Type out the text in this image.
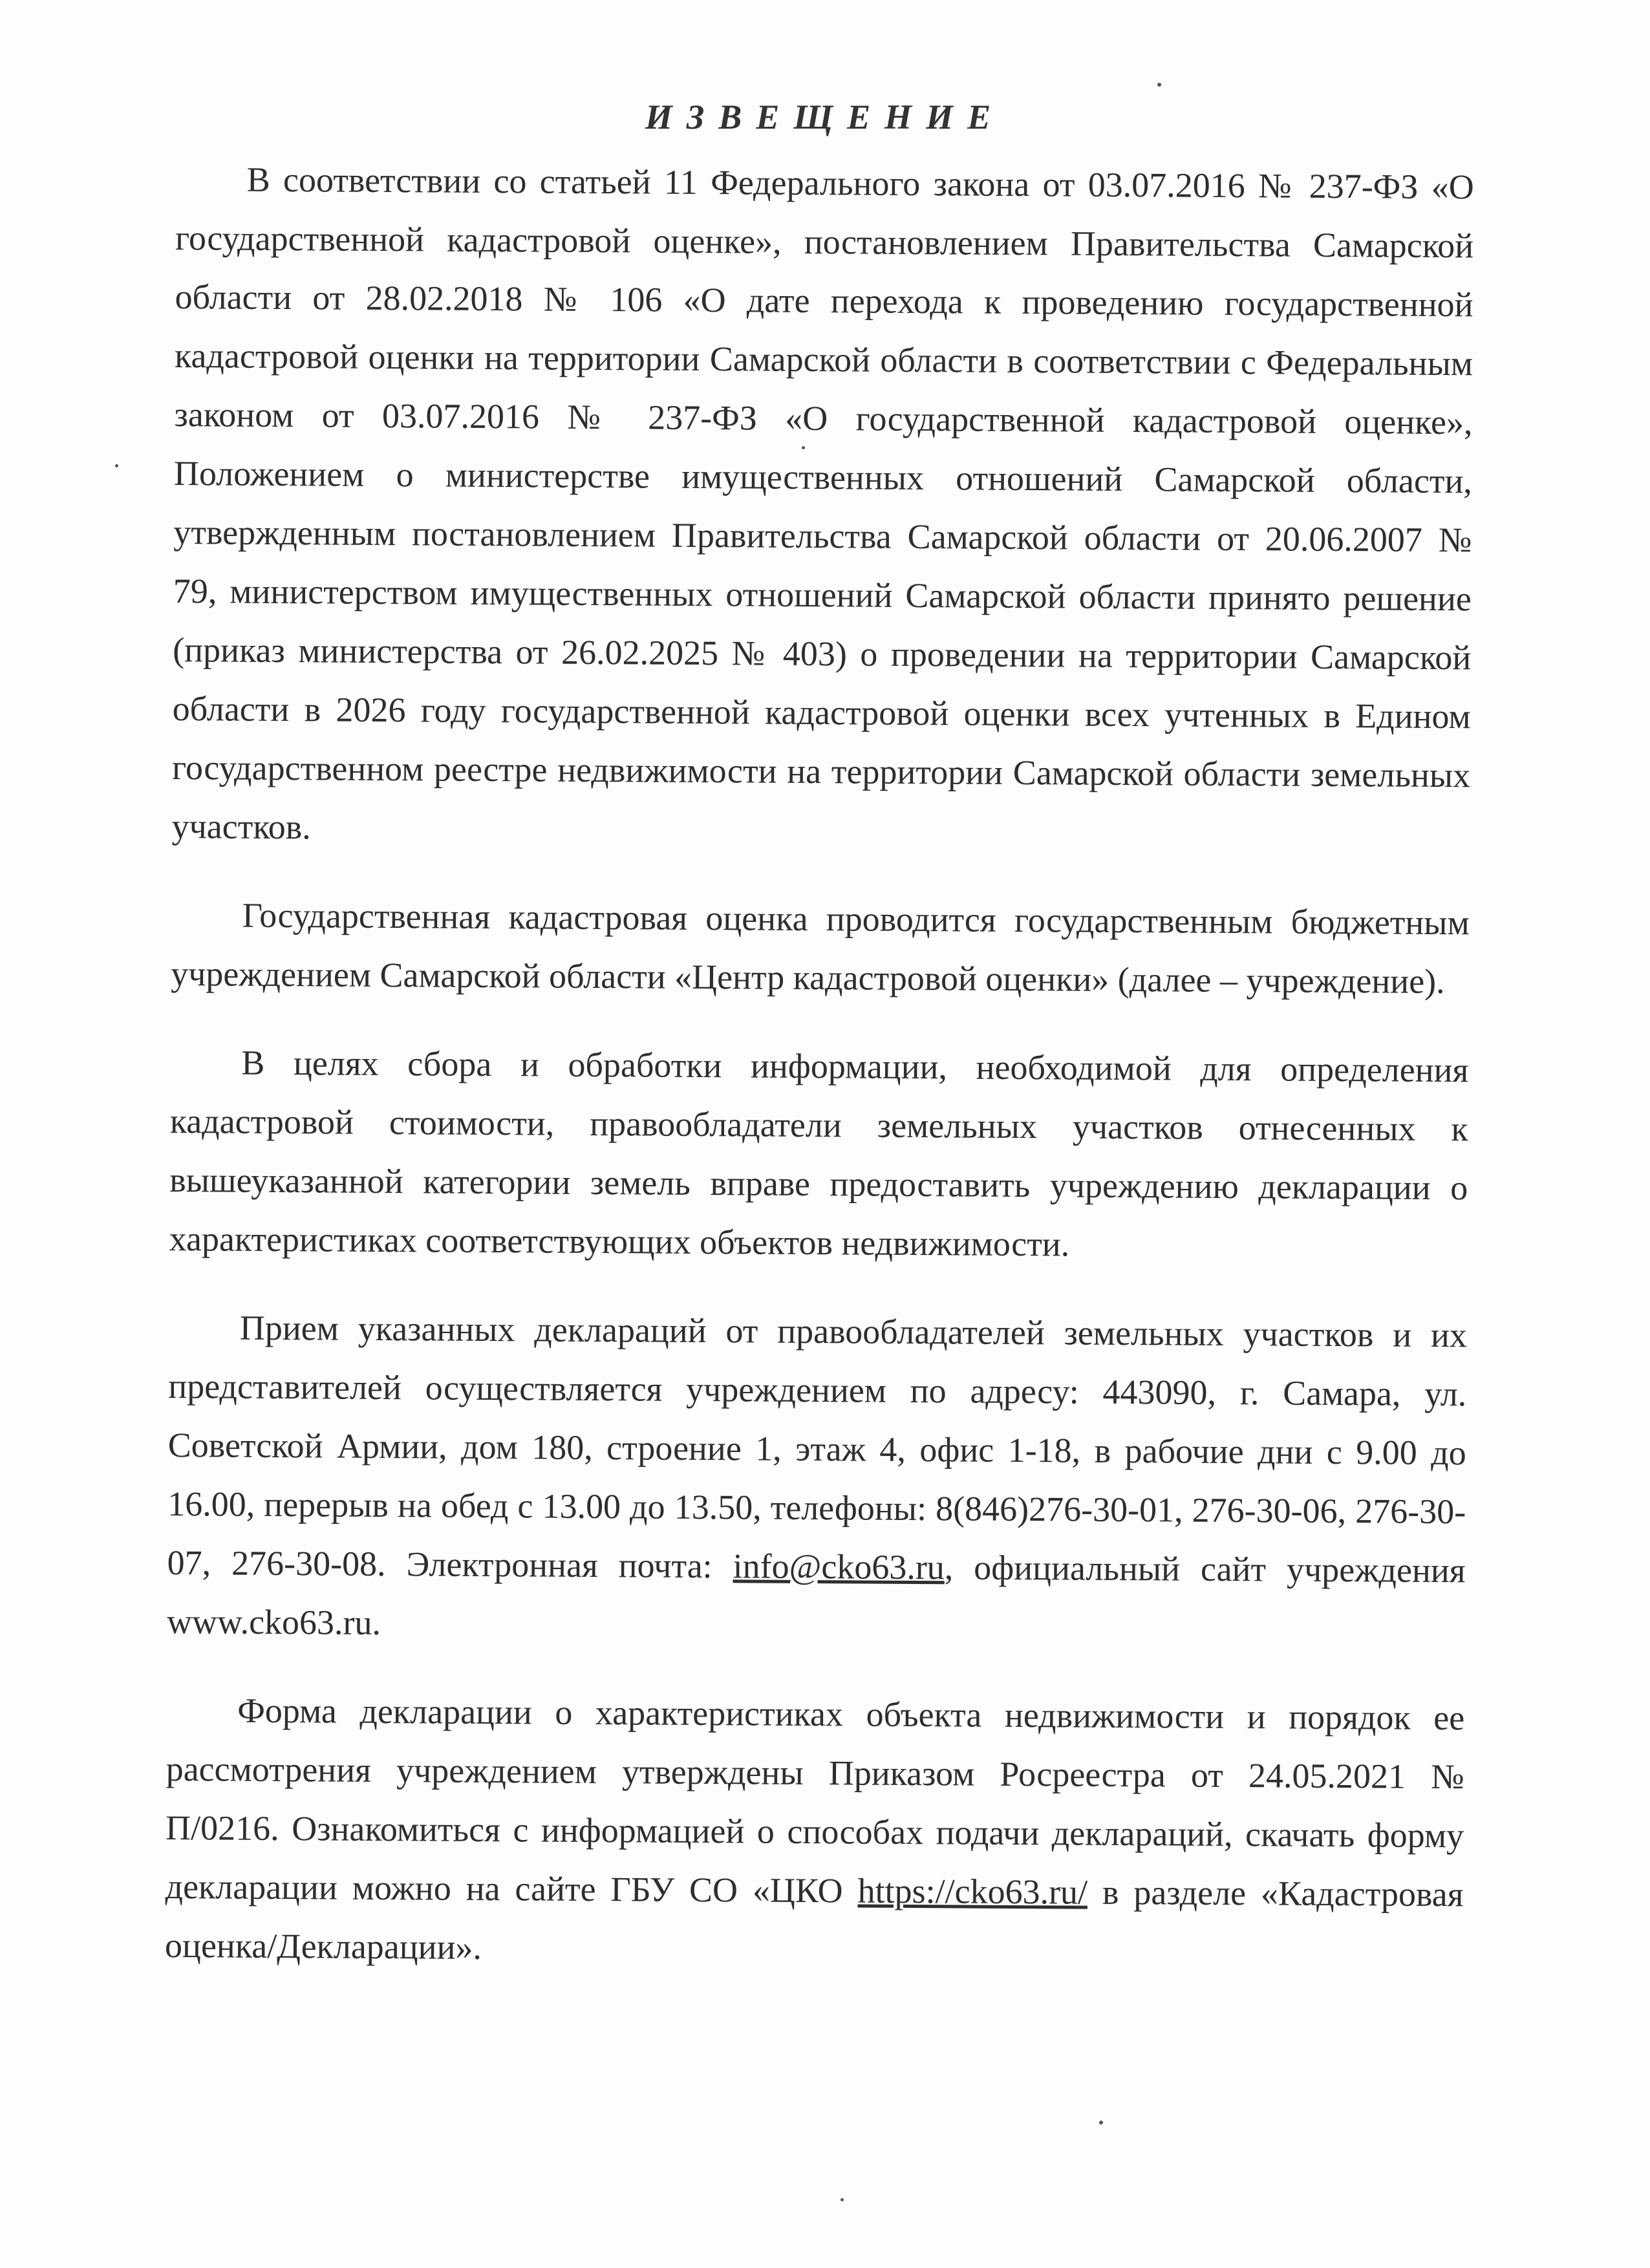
ИЗВЕЩЕНИЕ

В соответствии со статьей 11 Федерального закона от 03.07.2016 № 237-ФЗ «О государственной кадастровой оценке», постановлением Правительства Самарской области от 28.02.2018 № 106 «О дате перехода к проведению государственной кадастровой оценки на территории Самарской области в соответствии с Федеральным законом от 03.07.2016 № 237-ФЗ «О государственной кадастровой оценке», Положением о министерстве имущественных отношений Самарской области, утвержденным постановлением Правительства Самарской области от 20.06.2007 № 79, министерством имущественных отношений Самарской области принято решение (приказ министерства от 26.02.2025 № 403) о проведении на территории Самарской области в 2026 году государственной кадастровой оценки всех учтенных в Едином государственном реестре недвижимости на территории Самарской области земельных участков.

Государственная кадастровая оценка проводится государственным бюджетным учреждением Самарской области «Центр кадастровой оценки» (далее – учреждение).

В целях сбора и обработки информации, необходимой для определения кадастровой стоимости, правообладатели земельных участков отнесенных к вышеуказанной категории земель вправе предоставить учреждению декларации о характеристиках соответствующих объектов недвижимости.

Прием указанных деклараций от правообладателей земельных участков и их представителей осуществляется учреждением по адресу: 443090, г. Самара, ул. Советской Армии, дом 180, строение 1, этаж 4, офис 1-18, в рабочие дни с 9.00 до 16.00, перерыв на обед с 13.00 до 13.50, телефоны: 8(846)276-30-01, 276-30-06, 276-30-07, 276-30-08. Электронная почта: info@cko63.ru, официальный сайт учреждения www.cko63.ru.

Форма декларации о характеристиках объекта недвижимости и порядок ее рассмотрения учреждением утверждены Приказом Росреестра от 24.05.2021 № П/0216. Ознакомиться с информацией о способах подачи деклараций, скачать форму декларации можно на сайте ГБУ СО «ЦКО https://cko63.ru/ в разделе «Кадастровая оценка/Декларации».
